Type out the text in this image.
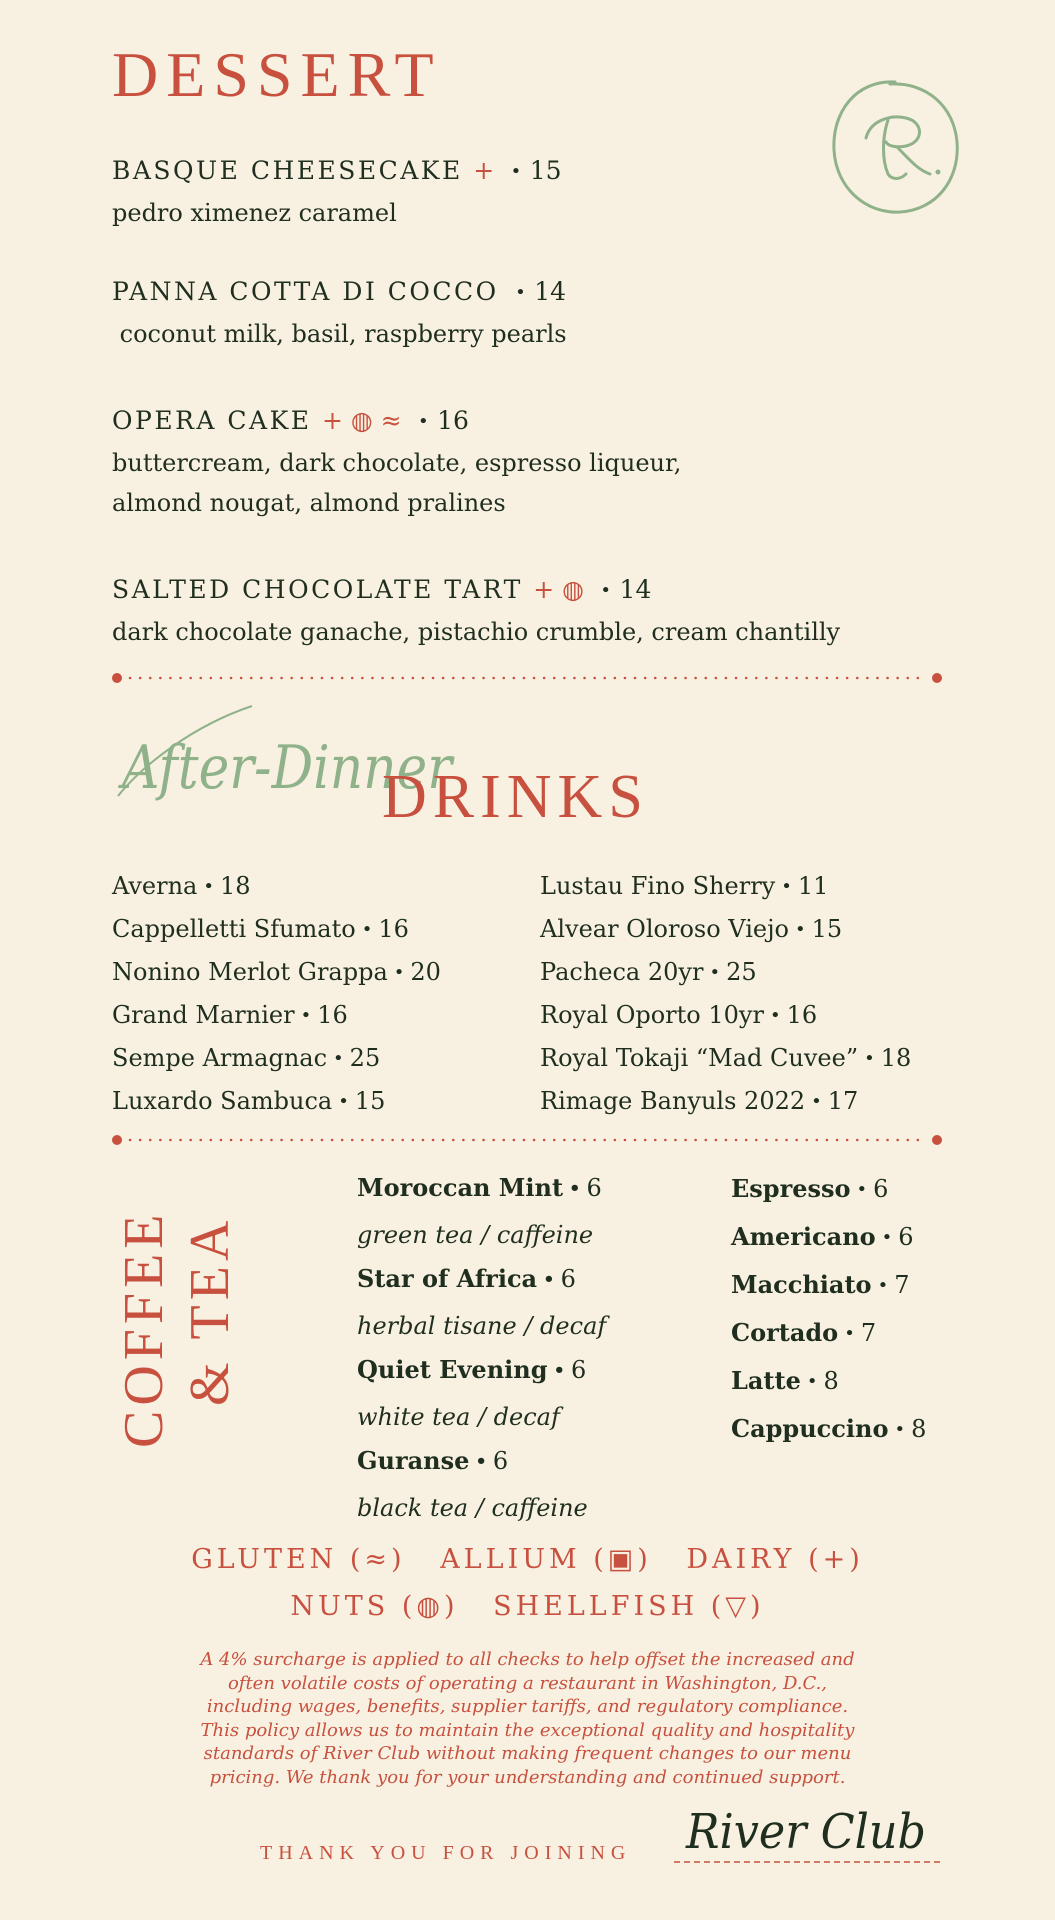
DESSERT
BASQUE CHEESECAKE + • 15
pedro ximenez caramel
PANNA COTTA DI COCCO • 14
coconut milk, basil, raspberry pearls
OPERA CAKE + ◍ ≈ • 16
buttercream, dark chocolate, espresso liqueur,
almond nougat, almond pralines
SALTED CHOCOLATE TART + ◍ • 14
dark chocolate ganache, pistachio crumble, cream chantilly
After-Dinner
DRINKS
Averna • 18
Cappelletti Sfumato • 16
Nonino Merlot Grappa • 20
Grand Marnier • 16
Sempe Armagnac • 25
Luxardo Sambuca • 15
Lustau Fino Sherry • 11
Alvear Oloroso Viejo • 15
Pacheca 20yr • 25
Royal Oporto 10yr • 16
Royal Tokaji “Mad Cuvee” • 18
Rimage Banyuls 2022 • 17
COFFEE & TEA
Moroccan Mint • 6
green tea / caffeine
Star of Africa • 6
herbal tisane / decaf
Quiet Evening • 6
white tea / decaf
Guranse • 6
black tea / caffeine
Espresso • 6
Americano • 6
Macchiato • 7
Cortado • 7
Latte • 8
Cappuccino • 8
GLUTEN (≈) ALLIUM (▣) DAIRY (+)
NUTS (◍) SHELLFISH (▽)
A 4% surcharge is applied to all checks to help offset the increased and
often volatile costs of operating a restaurant in Washington, D.C.,
including wages, benefits, supplier tariffs, and regulatory compliance.
This policy allows us to maintain the exceptional quality and hospitality
standards of River Club without making frequent changes to our menu
pricing. We thank you for your understanding and continued support.
THANK YOU FOR JOINING River Club
